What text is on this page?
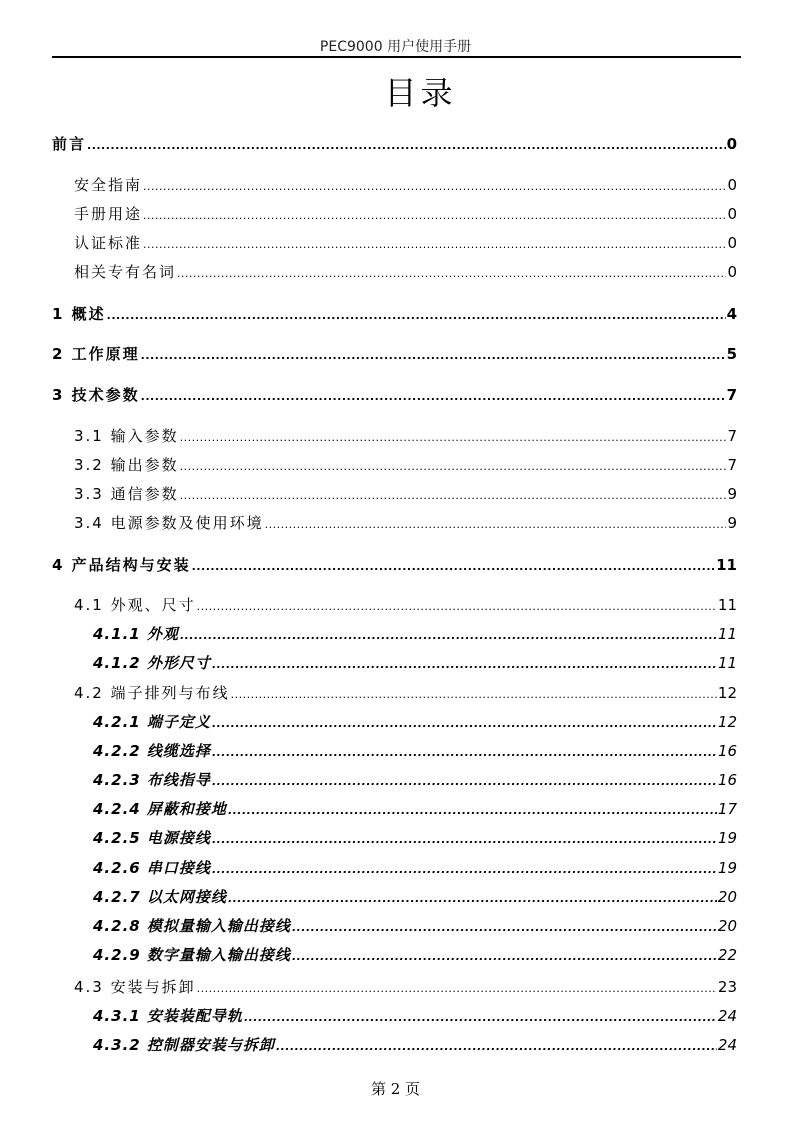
PEC9000 用户使用手册
目录
前言 .....	0
安全指南 .....	0
手册用途 .....	0
认证标准 .....	0
相关专有名词 .....	0
1 概述 .....	4
2 工作原理 .....	5
3 技术参数 .....	7
3.1 输入参数 .....	7
3.2 输出参数 .....	7
3.3 通信参数 .....	9
3.4 电源参数及使用环境 .....	9
4 产品结构与安装 .....	11
4.1 外观、尺寸 .....	11
4.1.1 外观 .....	11
4.1.2 外形尺寸 .....	11
4.2 端子排列与布线 .....	12
4.2.1 端子定义 .....	12
4.2.2 线缆选择 .....	16
4.2.3 布线指导 .....	16
4.2.4 屏蔽和接地 .....	17
4.2.5 电源接线 .....	19
4.2.6 串口接线 .....	19
4.2.7 以太网接线 .....	20
4.2.8 模拟量输入输出接线 .....	20
4.2.9 数字量输入输出接线 .....	22
4.3 安装与拆卸 .....	23
4.3.1 安装装配导轨 .....	24
4.3.2 控制器安装与拆卸 .....	24
第 2 页
